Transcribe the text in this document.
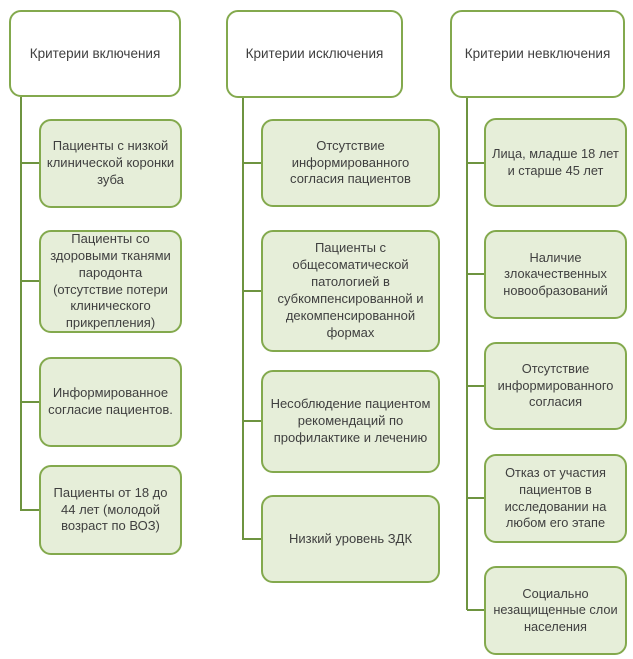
Критерии включения
Пациенты с низкой клинической коронки зуба
Пациенты со здоровыми тканями пародонта (отсутствие потери клинического прикрепления)
Информированное согласие пациентов.
Пациенты от 18 до 44 лет (молодой возраст по ВОЗ)
Критерии исключения
Отсутствие информированного согласия пациентов
Пациенты с общесоматической патологией в субкомпенсированной и декомпенсированной формах
Несоблюдение пациентом рекомендаций по профилактике и лечению
Низкий уровень ЗДК
Критерии невключения
Лица, младше 18 лет и старше 45 лет
Наличие злокачественных новообразований
Отсутствие информированного согласия
Отказ от участия пациентов в исследовании на любом его этапе
Социально незащищенные слои населения
